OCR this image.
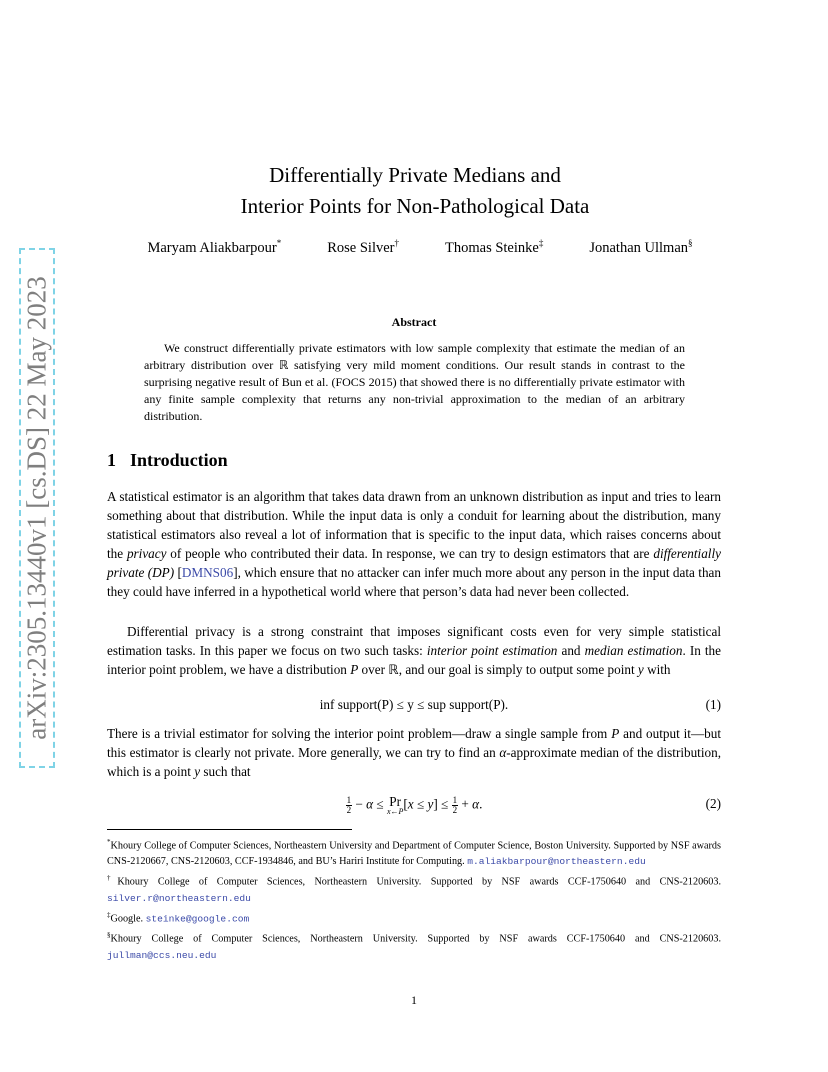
arXiv:2305.13440v1 [cs.DS] 22 May 2023
Differentially Private Medians and
Interior Points for Non-Pathological Data
Maryam Aliakbarpour*	Rose Silver†	Thomas Steinke‡	Jonathan Ullman§
Abstract
We construct differentially private estimators with low sample complexity that estimate the median of an arbitrary distribution over ℝ satisfying very mild moment conditions. Our result stands in contrast to the surprising negative result of Bun et al. (FOCS 2015) that showed there is no differentially private estimator with any finite sample complexity that returns any non-trivial approximation to the median of an arbitrary distribution.
1 Introduction
A statistical estimator is an algorithm that takes data drawn from an unknown distribution as input and tries to learn something about that distribution. While the input data is only a conduit for learning about the distribution, many statistical estimators also reveal a lot of information that is specific to the input data, which raises concerns about the privacy of people who contributed their data. In response, we can try to design estimators that are differentially private (DP) [DMNS06], which ensure that no attacker can infer much more about any person in the input data than they could have inferred in a hypothetical world where that person’s data had never been collected.
Differential privacy is a strong constraint that imposes significant costs even for very simple statistical estimation tasks. In this paper we focus on two such tasks: interior point estimation and median estimation. In the interior point problem, we have a distribution P over ℝ, and our goal is simply to output some point y with
inf support(P) ≤ y ≤ sup support(P).	(1)
There is a trivial estimator for solving the interior point problem—draw a single sample from P and output it—but this estimator is clearly not private. More generally, we can try to find an α-approximate median of the distribution, which is a point y such that
$\frac{1}{2} - \alpha \le Pr$
x←P $[x \le y] \le \frac{1}{2} + \alpha$.	(2)
*Khoury College of Computer Sciences, Northeastern University and Department of Computer Science, Boston University. Supported by NSF awards CNS-2120667, CNS-2120603, CCF-1934846, and BU’s Hariri Institute for Computing. m.aliakbarpour@northeastern.edu
†Khoury College of Computer Sciences, Northeastern University. Supported by NSF awards CCF-1750640 and CNS-2120603. silver.r@northeastern.edu
‡Google. steinke@google.com
§Khoury College of Computer Sciences, Northeastern University. Supported by NSF awards CCF-1750640 and CNS-2120603. jullman@ccs.neu.edu
1
